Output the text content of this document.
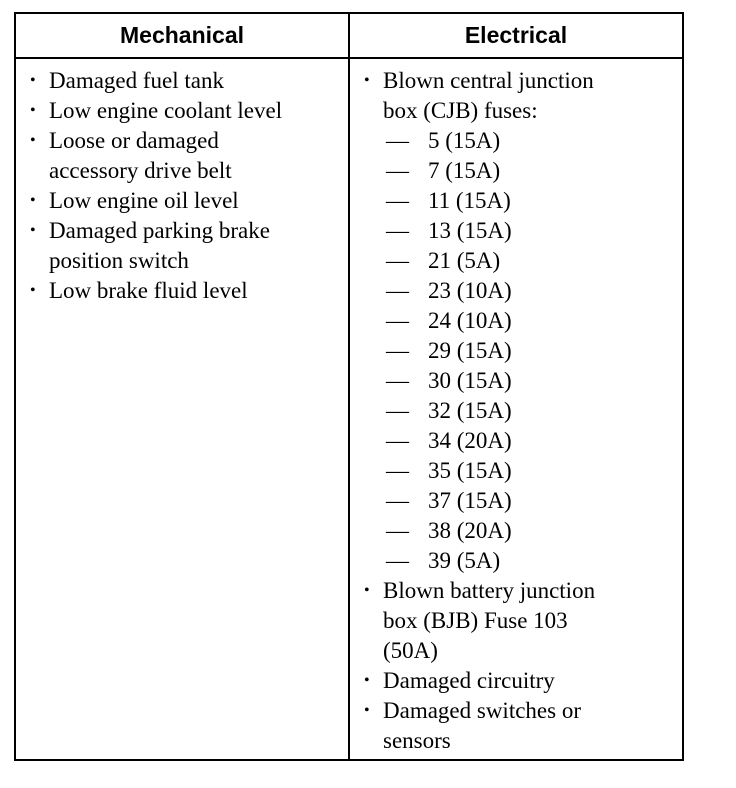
Mechanical	Electrical
• Damaged fuel tank
• Low engine coolant level
• Loose or damaged
accessory drive belt
• Low engine oil level
• Damaged parking brake
position switch
• Low brake fluid level
• Blown central junction
box (CJB) fuses:
— 5 (15A)
— 7 (15A)
— 11 (15A)
— 13 (15A)
— 21 (5A)
— 23 (10A)
— 24 (10A)
— 29 (15A)
— 30 (15A)
— 32 (15A)
— 34 (20A)
— 35 (15A)
— 37 (15A)
— 38 (20A)
— 39 (5A)
• Blown battery junction
box (BJB) Fuse 103
(50A)
• Damaged circuitry
• Damaged switches or
sensors
